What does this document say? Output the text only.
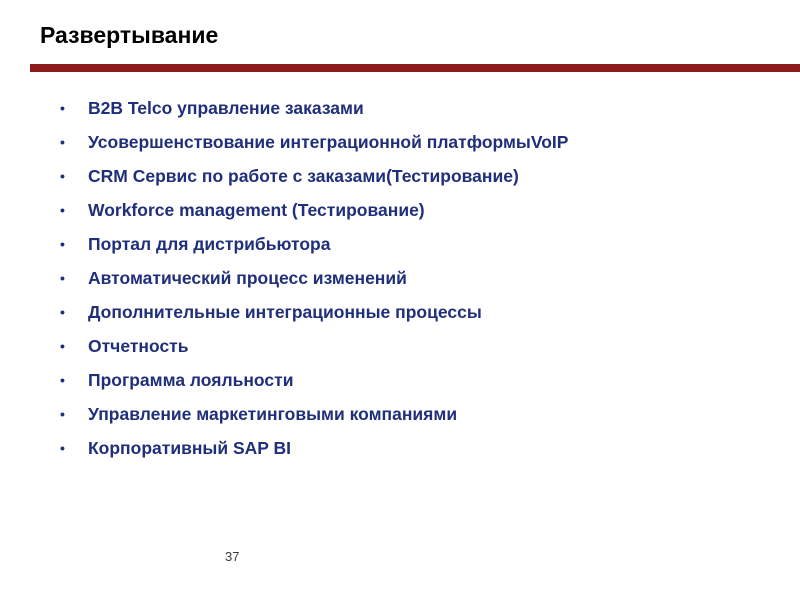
Развертывание
•	B2B Telco управление заказами
•	Усовершенствование интеграционной платформыVoIP
•	CRM Сервис по работе с заказами(Тестирование)
•	Workforce management (Тестирование)
•	Портал для дистрибьютора
•	Автоматический процесс изменений
•	Дополнительные интеграционные процессы
•	Отчетность
•	Программа лояльности
•	Управление маркетинговыми компаниями
•	Корпоративный SAP BI
37
